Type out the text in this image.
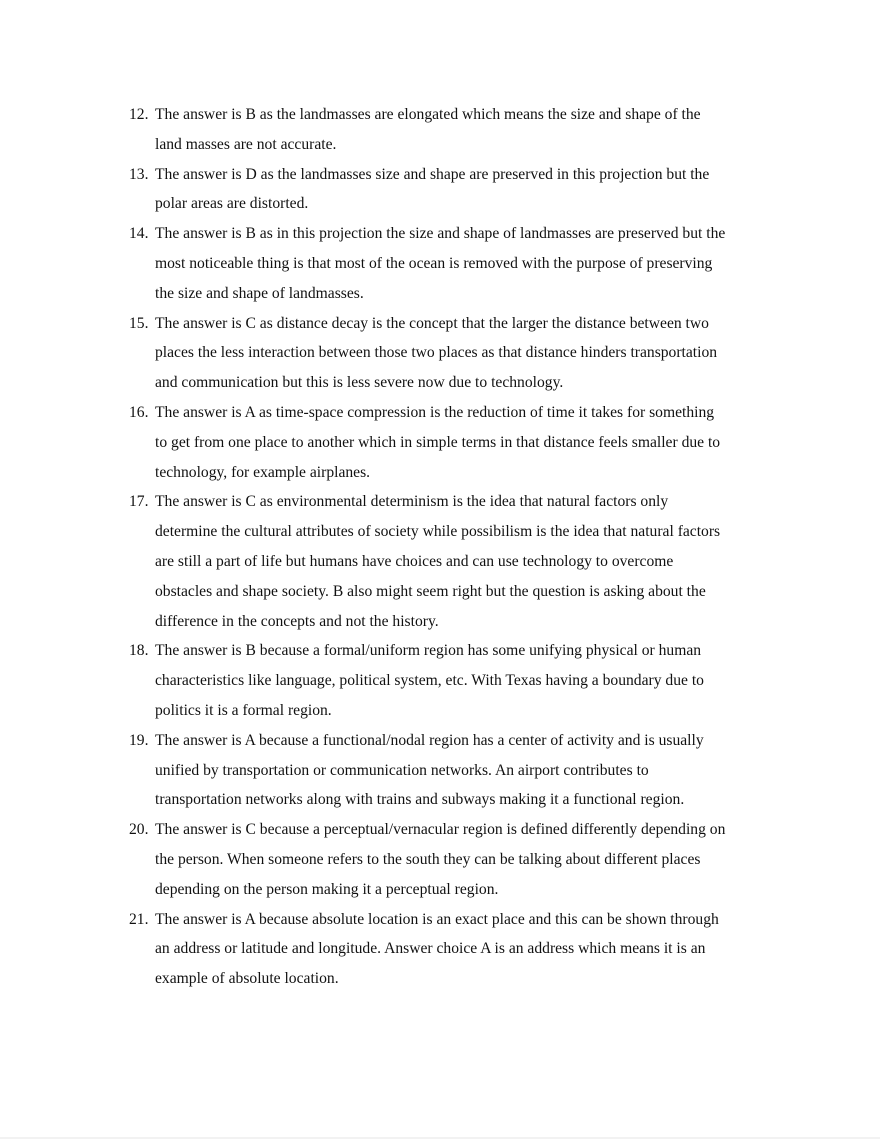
12. The answer is B as the landmasses are elongated which means the size and shape of the
land masses are not accurate.
13. The answer is D as the landmasses size and shape are preserved in this projection but the
polar areas are distorted.
14. The answer is B as in this projection the size and shape of landmasses are preserved but the
most noticeable thing is that most of the ocean is removed with the purpose of preserving
the size and shape of landmasses.
15. The answer is C as distance decay is the concept that the larger the distance between two
places the less interaction between those two places as that distance hinders transportation
and communication but this is less severe now due to technology.
16. The answer is A as time-space compression is the reduction of time it takes for something
to get from one place to another which in simple terms in that distance feels smaller due to
technology, for example airplanes.
17. The answer is C as environmental determinism is the idea that natural factors only
determine the cultural attributes of society while possibilism is the idea that natural factors
are still a part of life but humans have choices and can use technology to overcome
obstacles and shape society. B also might seem right but the question is asking about the
difference in the concepts and not the history.
18. The answer is B because a formal/uniform region has some unifying physical or human
characteristics like language, political system, etc. With Texas having a boundary due to
politics it is a formal region.
19. The answer is A because a functional/nodal region has a center of activity and is usually
unified by transportation or communication networks. An airport contributes to
transportation networks along with trains and subways making it a functional region.
20. The answer is C because a perceptual/vernacular region is defined differently depending on
the person. When someone refers to the south they can be talking about different places
depending on the person making it a perceptual region.
21. The answer is A because absolute location is an exact place and this can be shown through
an address or latitude and longitude. Answer choice A is an address which means it is an
example of absolute location.
